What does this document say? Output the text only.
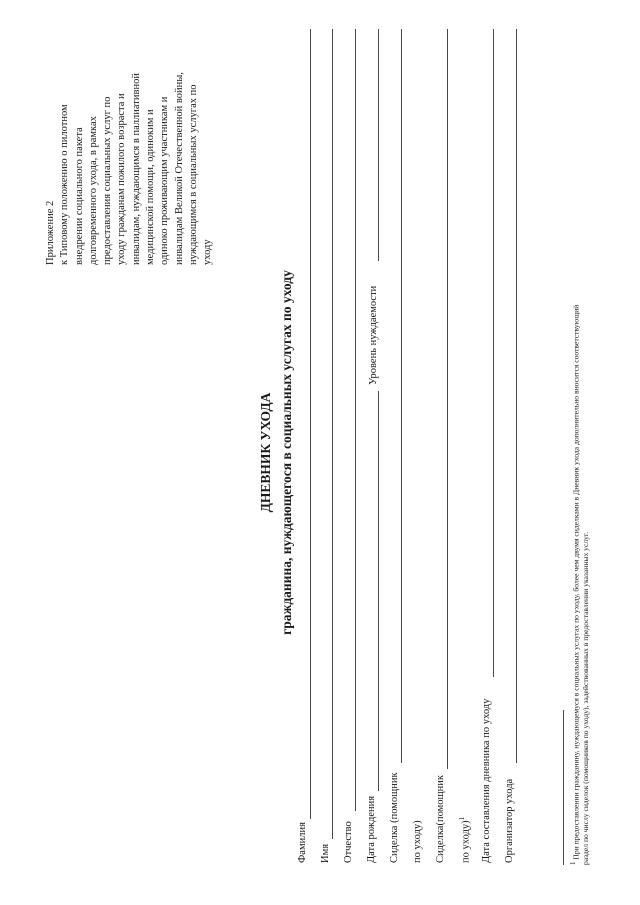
Приложение 2 к Типовому положению о пилотном внедрении социального пакета долговременного ухода, в рамках предоставления социальных услуг по уходу гражданам пожилого возраста и инвалидам, нуждающимся в паллиативной медицинской помощи, одиноким и одиноко проживающим участникам и инвалидам Великой Отечественной войны, нуждающимся в социальных услугах по уходу
ДНЕВНИК УХОДА гражданина, нуждающегося в социальных услугах по уходу	Уровень нуждаемости
Фамилия Имя Отчество Дата рождения Сиделка (помощник по уходу) Сиделка(помощник по уходу)$^1$	Дата составления дневника по уходу Организатор ухода
1 При предоставлении гражданину, нуждающемуся в социальных услугах по уходу, более чем двумя сиделками в Дневник ухода дополнительно вносится соответствующий раздел по числу сиделок (помощников по уходу), задействованных в предоставлении указанных услуг.
